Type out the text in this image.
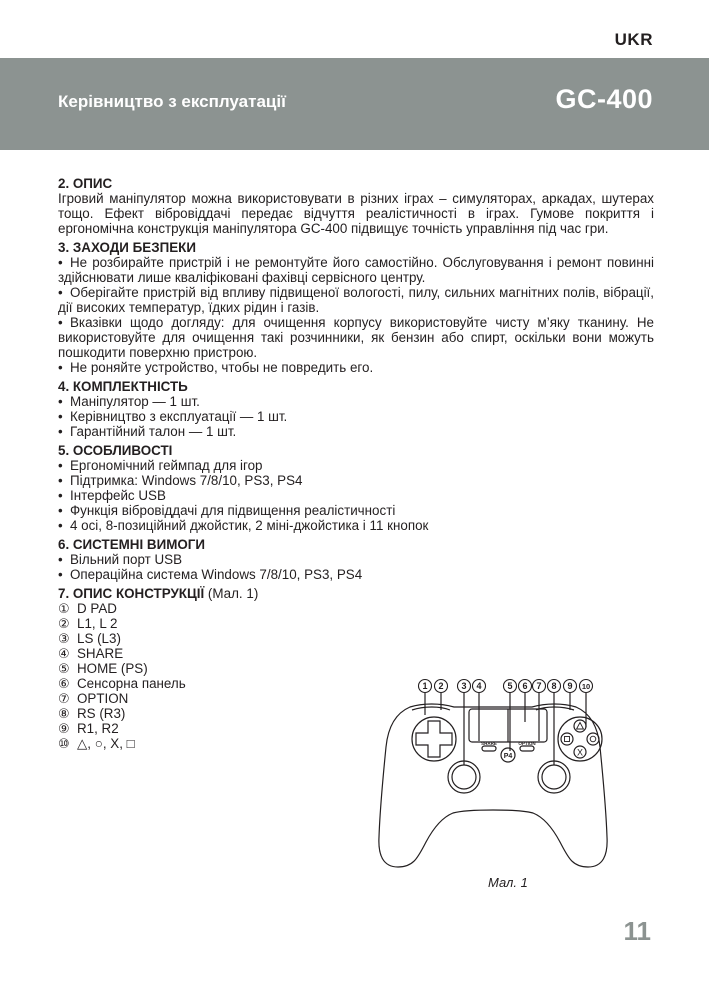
UKR
Керівництво з експлуатації	GC-400
2. ОПИС

Ігровий маніпулятор можна використовувати в різних іграх – симуляторах, аркадах, шутерах тощо. Ефект вібровіддачі передає відчуття реалістичності в іграх. Гумове покриття і ергономічна конструкція маніпулятора GC-400 підвищує точність управління під час гри.

3. ЗАХОДИ БЕЗПЕКИ
• Не розбирайте пристрій і не ремонтуйте його самостійно. Обслуговування і ремонт повинні здійснювати лише кваліфіковані фахівці сервісного центру.
• Оберігайте пристрій від впливу підвищеної вологості, пилу, сильних магнітних полів, вібрації, дії високих температур, їдких рідин і газів.
• Вказівки щодо догляду: для очищення корпусу використовуйте чисту м’яку тканину. Не використовуйте для очищення такі розчинники, як бензин або спирт, оскільки вони можуть пошкодити поверхню пристрою.
• Не роняйте устройство, чтобы не повредить его.
4. КОМПЛЕКТНІСТЬ
• Маніпулятор — 1 шт.
• Керівництво з експлуатації — 1 шт.
• Гарантійний талон — 1 шт.
5. ОСОБЛИВОСТІ
• Ергономічний геймпад для ігор
• Підтримка: Windows 7/8/10, PS3, PS4
• Інтерфейс USB
• Функція вібровіддачі для підвищення реалістичності
• 4 осі, 8-позиційний джойстик, 2 міні-джойстика і 11 кнопок
6. СИСТЕМНІ ВИМОГИ
• Вільний порт USB
• Операційна система Windows 7/8/10, PS3, PS4
7. ОПИС КОНСТРУКЦІЇ (Мал. 1)
① D PAD
② L1, L 2
③ LS (L3)
④ SHARE
⑤ HOME (PS)
⑥ Сенсорна панель
⑦ OPTION
⑧ RS (R3)
⑨ R1, R2
⑩ △, ○, X, □
1 2 3 4	5 6 7 8 9 10
SHARE	OPTION
P4	X
Мал. 1
11
